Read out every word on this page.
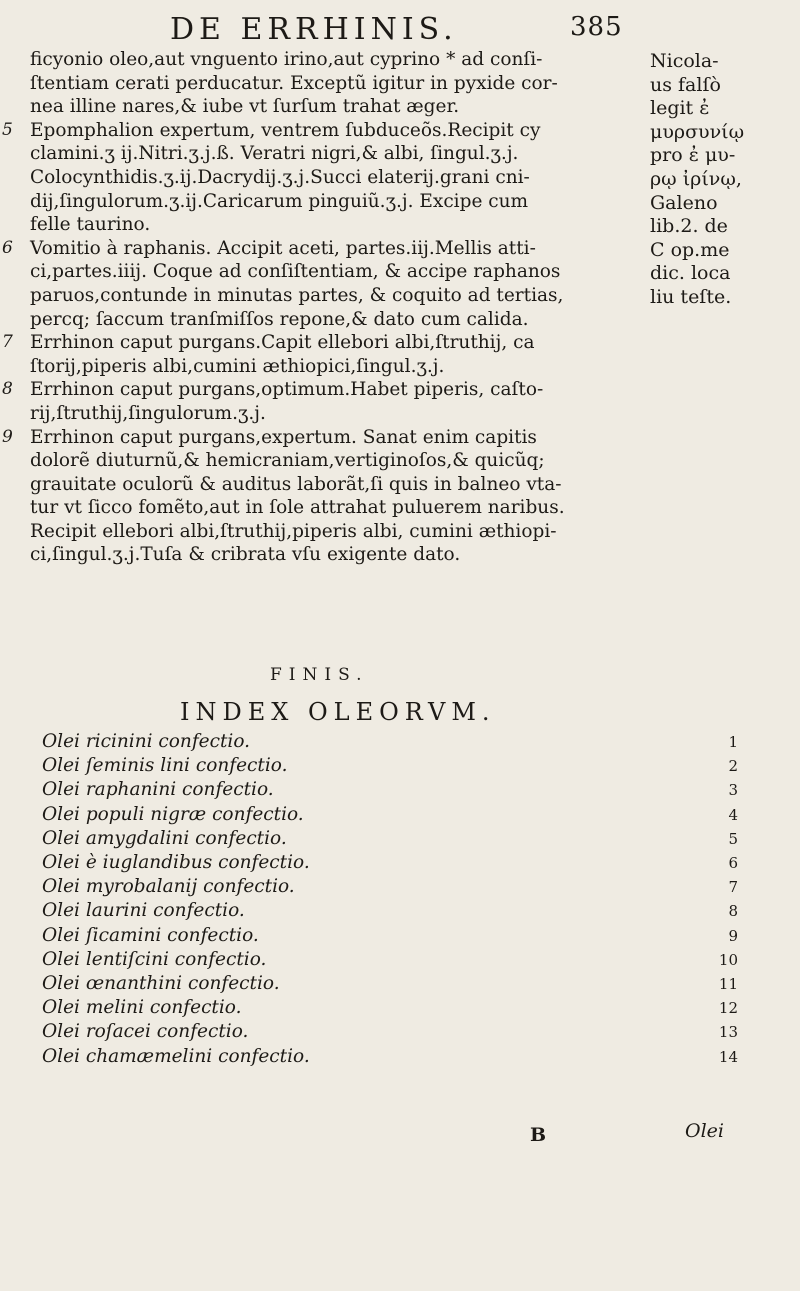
DE ERRHINIS.	385
ficyonio oleo,aut vnguento irino,aut cyprino * ad conſi-
ſtentiam cerati perducatur. Exceptũ igitur in pyxide cor-
nea illine nares,& iube vt ſurſum trahat æger.
5 Epomphalion expertum, ventrem ſubduceõs.Recipit cy
clamini.ʒ ij.Nitri.ʒ.j.ß. Veratri nigri,& albi, ſingul.ʒ.j.
Colocynthidis.ʒ.ij.Dacrydij.ʒ.j.Succi elaterij.grani cni-
dij,ſingulorum.ʒ.ij.Caricarum pinguiũ.ʒ.j. Excipe cum
felle taurino.
6 Vomitio à raphanis. Accipit aceti, partes.iij.Mellis atti-
ci,partes.iiij. Coque ad conſiſtentiam, & accipe raphanos
paruos,contunde in minutas partes, & coquito ad tertias,
percq; ſaccum tranſmiſſos repone,& dato cum calida.
7 Errhinon caput purgans.Capit ellebori albi,ſtruthij, ca
ſtorij,piperis albi,cumini æthiopici,ſingul.ʒ.j.
8 Errhinon caput purgans,optimum.Habet piperis, caſto-
rij,ſtruthij,ſingulorum.ʒ.j.
9 Errhinon caput purgans,expertum. Sanat enim capitis
dolorẽ diuturnũ,& hemicraniam,vertiginoſos,& quicũq;
grauitate oculorũ & auditus laborãt,ſi quis in balneo vta-
tur vt ſicco fomẽto,aut in ſole attrahat puluerem naribus.
Recipit ellebori albi,ſtruthij,piperis albi, cumini æthiopi-
ci,ſingul.ʒ.j.Tuſa & cribrata vſu exigente dato.
Nicola-
us falſò
legit ἐ
μυρσυνίῳ
pro ἐ μυ-
ρῳ ἰρίνῳ,
Galeno
lib.2. de
C op.me
dic. loca
liu teſte.
FINIS.
INDEX OLEORVM.
Olei ricinini confectio.	1
Olei ſeminis lini confectio.	2
Olei raphanini confectio.	3
Olei populi nigræ confectio.	4
Olei amygdalini confectio.	5
Olei è iuglandibus confectio.	6
Olei myrobalanij confectio.	7
Olei laurini confectio.	8
Olei ſicamini confectio.	9
Olei lentiſcini confectio.	10
Olei œnanthini confectio.	11
Olei melini confectio.	12
Olei roſacei confectio.	13
Olei chamæmelini confectio.	14
B	Olei
